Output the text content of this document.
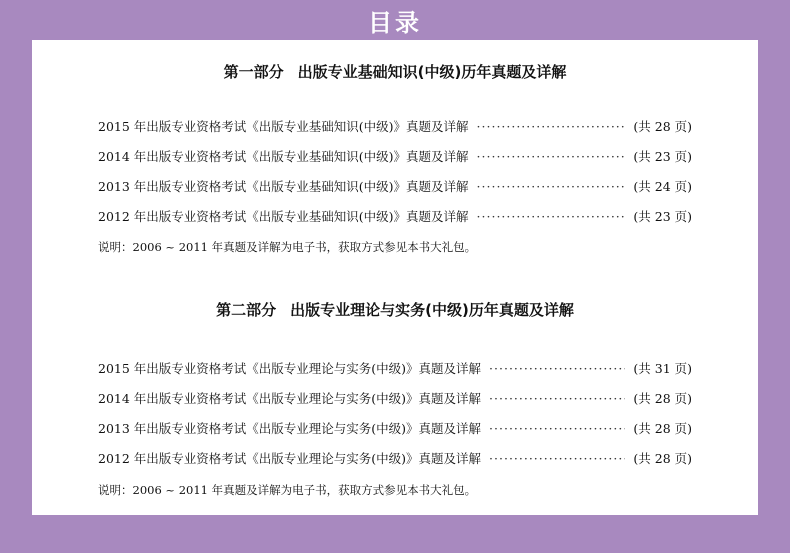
目录
第一部分 出版专业基础知识(中级)历年真题及详解
2015 年出版专业资格考试《出版专业基础知识(中级)》真题及详解 ·····	(共 28 页)
2014 年出版专业资格考试《出版专业基础知识(中级)》真题及详解 ·····	(共 23 页)
2013 年出版专业资格考试《出版专业基础知识(中级)》真题及详解 ·····	(共 24 页)
2012 年出版专业资格考试《出版专业基础知识(中级)》真题及详解 ·····	(共 23 页)
说明：2006 ~ 2011 年真题及详解为电子书，获取方式参见本书大礼包。
第二部分 出版专业理论与实务(中级)历年真题及详解
2015 年出版专业资格考试《出版专业理论与实务(中级)》真题及详解 ·····	(共 31 页)
2014 年出版专业资格考试《出版专业理论与实务(中级)》真题及详解 ·····	(共 28 页)
2013 年出版专业资格考试《出版专业理论与实务(中级)》真题及详解 ·····	(共 28 页)
2012 年出版专业资格考试《出版专业理论与实务(中级)》真题及详解 ·····	(共 28 页)
说明：2006 ~ 2011 年真题及详解为电子书，获取方式参见本书大礼包。
